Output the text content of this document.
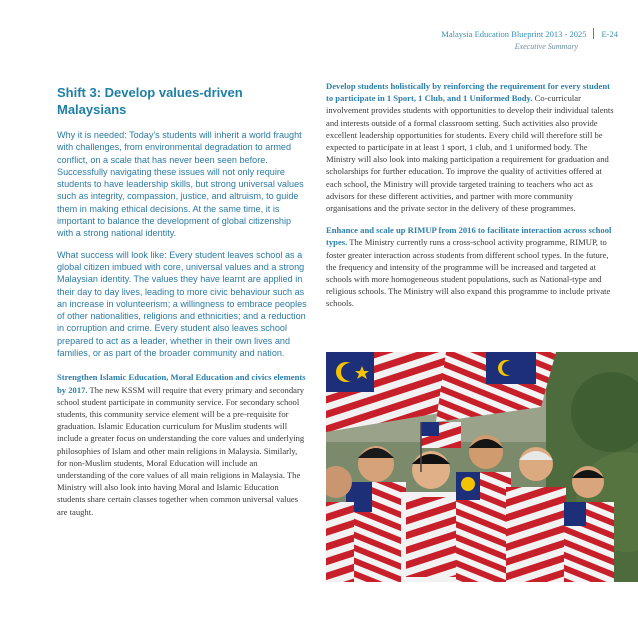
Malaysia Education Blueprint 2013 - 2025 E-24
Executive Summary
Shift 3: Develop values-driven Malaysians

Why it is needed: Today's students will inherit a world fraught with challenges, from environmental degradation to armed conflict, on a scale that has never been seen before. Successfully navigating these issues will not only require students to have leadership skills, but strong universal values such as integrity, compassion, justice, and altruism, to guide them in making ethical decisions. At the same time, it is important to balance the development of global citizenship with a strong national identity.

What success will look like: Every student leaves school as a global citizen imbued with core, universal values and a strong Malaysian identity. The values they have learnt are applied in their day to day lives, leading to more civic behaviour such as an increase in volunteerism; a willingness to embrace peoples of other nationalities, religions and ethnicities; and a reduction in corruption and crime. Every student also leaves school prepared to act as a leader, whether in their own lives and families, or as part of the broader community and nation.

Strengthen Islamic Education, Moral Education and civics elements by 2017. The new KSSM will require that every primary and secondary school student participate in community service. For secondary school students, this community service element will be a pre-requisite for graduation. Islamic Education curriculum for Muslim students will include a greater focus on understanding the core values and underlying philosophies of Islam and other main religions in Malaysia. Similarly, for non-Muslim students, Moral Education will include an understanding of the core values of all main religions in Malaysia. The Ministry will also look into having Moral and Islamic Education students share certain classes together when common universal values are taught.

Develop students holistically by reinforcing the requirement for every student to participate in 1 Sport, 1 Club, and 1 Uniformed Body. Co-curricular involvement provides students with opportunities to develop their individual talents and interests outside of a formal classroom setting. Such activities also provide excellent leadership opportunities for students. Every child will therefore still be expected to participate in at least 1 sport, 1 club, and 1 uniformed body. The Ministry will also look into making participation a requirement for graduation and scholarships for further education. To improve the quality of activities offered at each school, the Ministry will provide targeted training to teachers who act as advisors for these different activities, and partner with more community organisations and the private sector in the delivery of these programmes.

Enhance and scale up RIMUP from 2016 to facilitate interaction across school types. The Ministry currently runs a cross-school activity programme, RIMUP, to foster greater interaction across students from different school types. In the future, the frequency and intensity of the programme will be increased and targeted at schools with more homogeneous student populations, such as National-type and religious schools. The Ministry will also expand this programme to include private schools.
